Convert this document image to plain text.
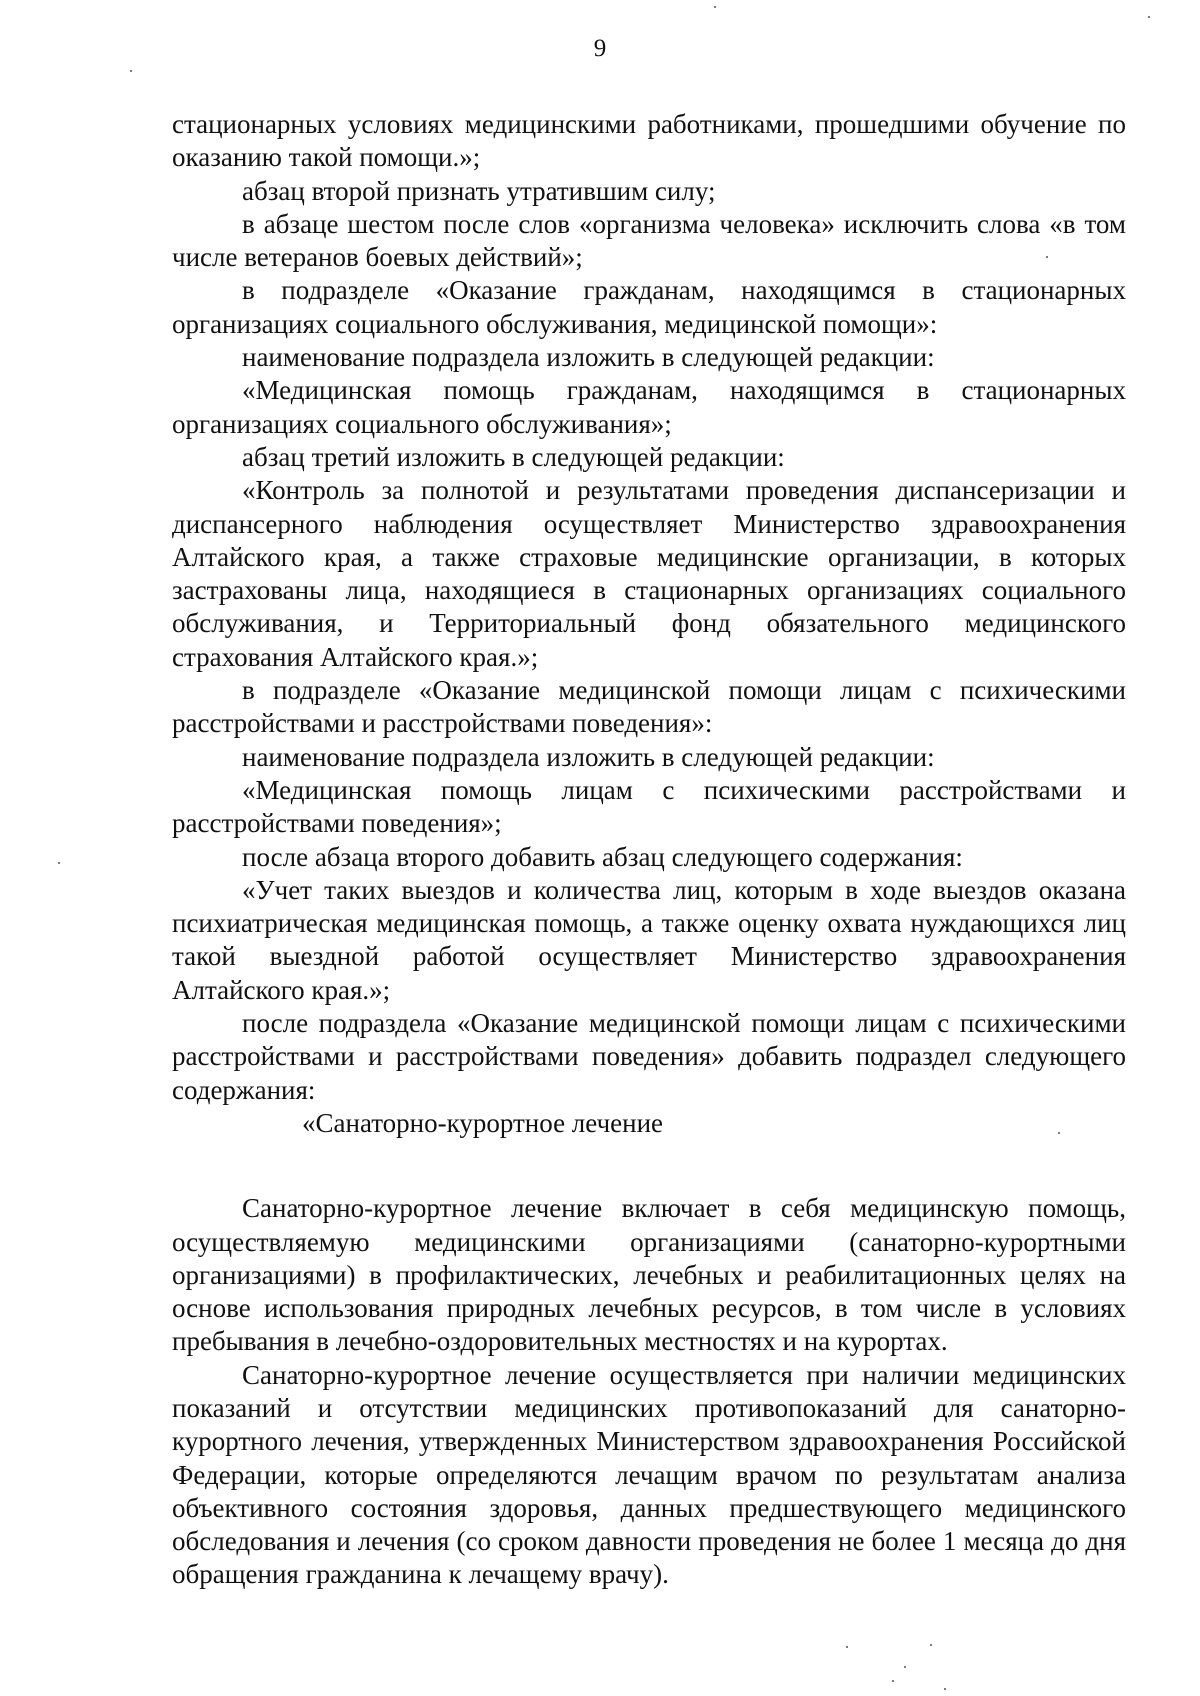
9

стационарных условиях медицинскими работниками, прошедшими обучение по оказанию такой помощи.»;

абзац второй признать утратившим силу;

в абзаце шестом после слов «организма человека» исключить слова «в том числе ветеранов боевых действий»;

в подразделе «Оказание гражданам, находящимся в стационарных организациях социального обслуживания, медицинской помощи»:

наименование подраздела изложить в следующей редакции:

«Медицинская помощь гражданам, находящимся в стационарных организациях социального обслуживания»;

абзац третий изложить в следующей редакции:

«Контроль за полнотой и результатами проведения диспансеризации и диспансерного наблюдения осуществляет Министерство здравоохранения Алтайского края, а также страховые медицинские организации, в которых застрахованы лица, находящиеся в стационарных организациях социального обслуживания, и Территориальный фонд обязательного медицинского страхования Алтайского края.»;

в подразделе «Оказание медицинской помощи лицам с психическими расстройствами и расстройствами поведения»:

наименование подраздела изложить в следующей редакции:

«Медицинская помощь лицам с психическими расстройствами и расстройствами поведения»;

после абзаца второго добавить абзац следующего содержания:

«Учет таких выездов и количества лиц, которым в ходе выездов оказана психиатрическая медицинская помощь, а также оценку охвата нуждающихся лиц такой выездной работой осуществляет Министерство здравоохранения Алтайского края.»;

после подраздела «Оказание медицинской помощи лицам с психическими расстройствами и расстройствами поведения» добавить подраздел следующего содержания:

«Санаторно-курортное лечение

Санаторно-курортное лечение включает в себя медицинскую помощь, осуществляемую медицинскими организациями (санаторно-курортными организациями) в профилактических, лечебных и реабилитационных целях на основе использования природных лечебных ресурсов, в том числе в условиях пребывания в лечебно-оздоровительных местностях и на курортах.

Санаторно-курортное лечение осуществляется при наличии медицинских показаний и отсутствии медицинских противопоказаний для санаторно-курортного лечения, утвержденных Министерством здравоохранения Российской Федерации, которые определяются лечащим врачом по результатам анализа объективного состояния здоровья, данных предшествующего медицинского обследования и лечения (со сроком давности проведения не более 1 месяца до дня обращения гражданина к лечащему врачу).
